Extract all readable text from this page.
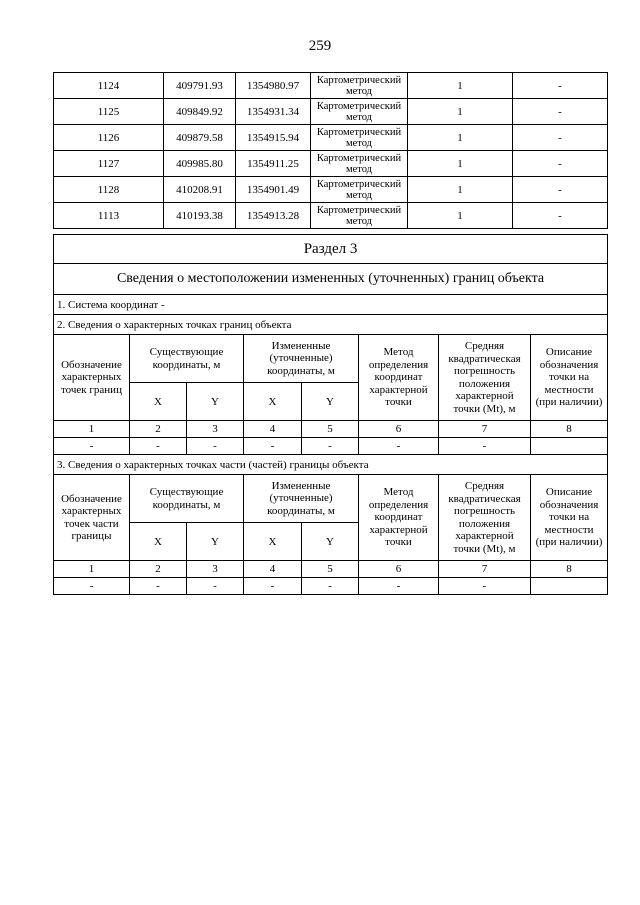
259
1124	409791.93	1354980.97	Картометрический метод	1	-
1125	409849.92	1354931.34	Картометрический метод	1	-
1126	409879.58	1354915.94	Картометрический метод	1	-
1127	409985.80	1354911.25	Картометрический метод	1	-
1128	410208.91	1354901.49	Картометрический метод	1	-
1113	410193.38	1354913.28	Картометрический метод	1	-
Раздел 3							
Сведения о местоположении измененных (уточненных) границ объекта							
1. Система координат -							
2. Сведения о характерных точках границ объекта							
Обозначение характерных точек границ	Существующие координаты, м		Измененные (уточненные) координаты, м		Метод определения координат характерной точки	Средняя квадратическая погрешность положения характерной точки (Mt), м	Описание обозначения точки на местности (при наличии)
	X	Y	X	Y			
1	2	3	4	5	6	7	8
-	-	-	-	-	-	-	
3. Сведения о характерных точках части (частей) границы объекта							
Обозначение характерных точек части границы	Существующие координаты, м		Измененные (уточненные) координаты, м		Метод определения координат характерной точки	Средняя квадратическая погрешность положения характерной точки (Mt), м	Описание обозначения точки на местности (при наличии)
	X	Y	X	Y			
1	2	3	4	5	6	7	8
-	-	-	-	-	-	-	
